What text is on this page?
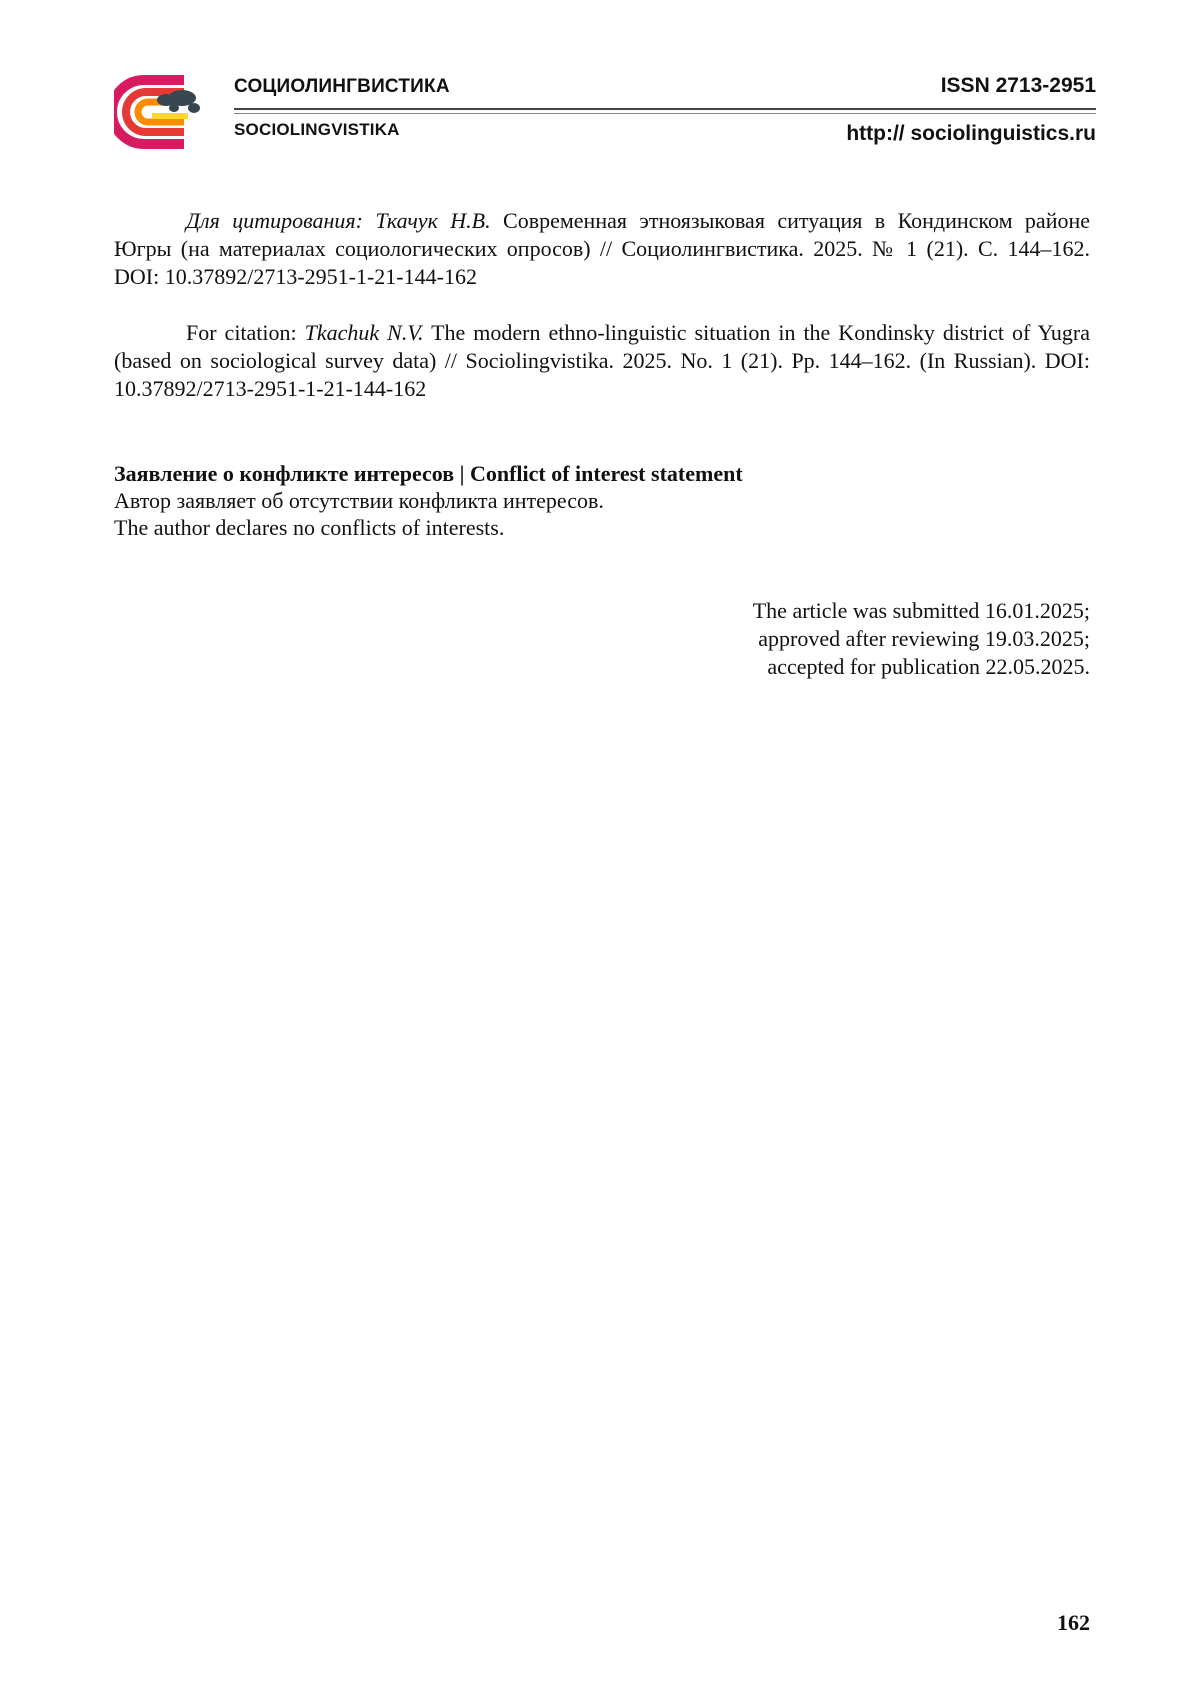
СОЦИОЛИНГВИСТИКА
SOCIOLINGVISTIKA
ISSN 2713-2951
http:// sociolinguistics.ru

Для цитирования: Ткачук Н.В. Современная этноязыковая ситуация в Кондинском районе Югры (на материалах социологических опросов) // Социолингвистика. 2025. № 1 (21). С. 144–162. DOI: 10.37892/2713-2951-1-21-144-162

For citation: Tkachuk N.V. The modern ethno-linguistic situation in the Kondinsky district of Yugra (based on sociological survey data) // Sociolingvistika. 2025. No. 1 (21). Pp. 144–162. (In Russian). DOI: 10.37892/2713-2951-1-21-144-162

Заявление о конфликте интересов | Conflict of interest statement
Автор заявляет об отсутствии конфликта интересов.
The author declares no conflicts of interests.
The article was submitted 16.01.2025;
approved after reviewing 19.03.2025;
accepted for publication 22.05.2025.
162
